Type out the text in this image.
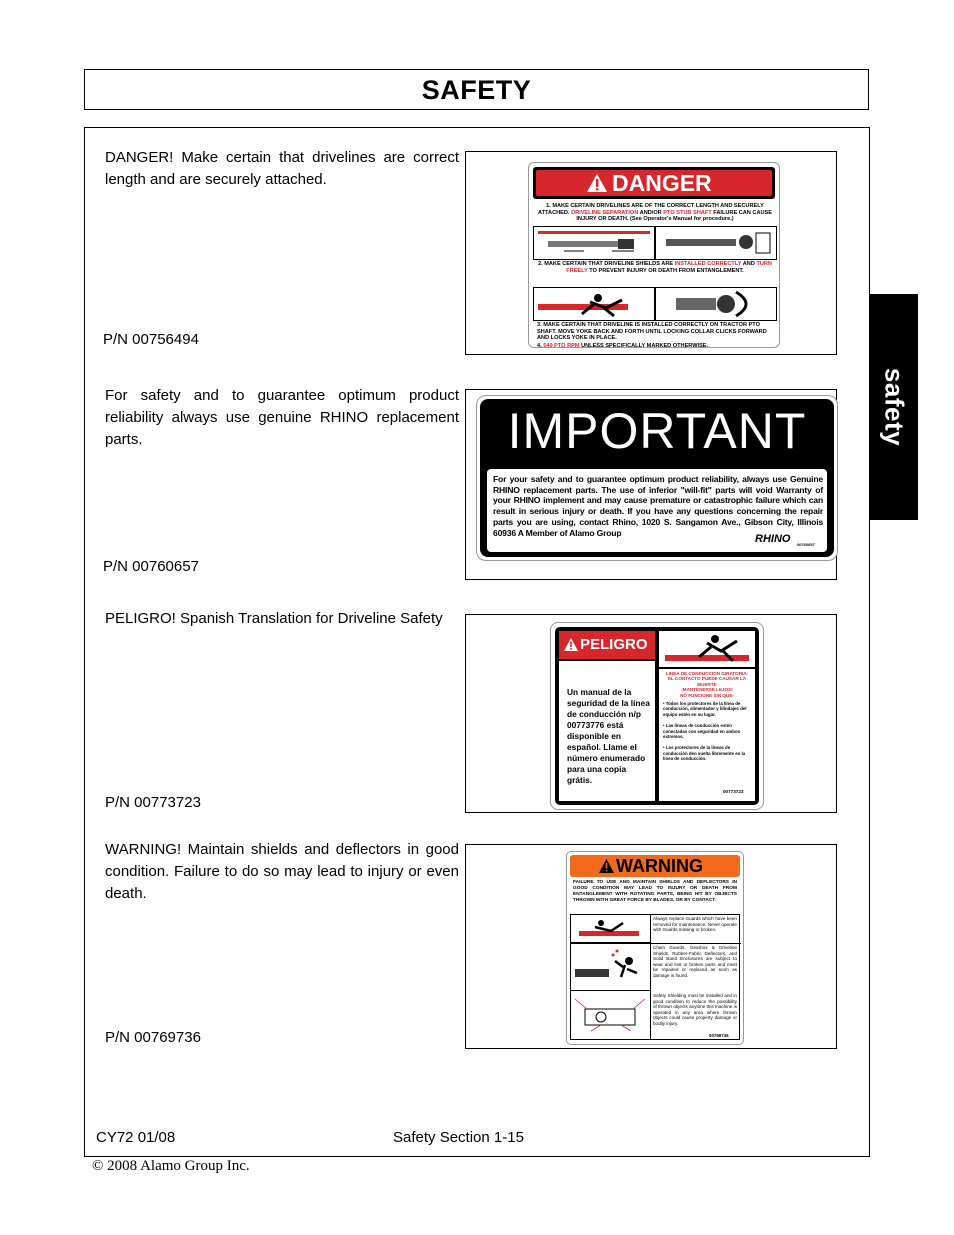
SAFETY
safety
DANGER! Make certain that drivelines are correct length and are securely attached.
P/N 00756494
DANGER
1. MAKE CERTAIN DRIVELINES ARE OF THE CORRECT LENGTH AND SECURELY ATTACHED. DRIVELINE SEPARATION AND/OR PTO STUB SHAFT FAILURE CAN CAUSE INJURY OR DEATH. (See Operator's Manual for procedure.)
2. MAKE CERTAIN THAT DRIVELINE SHIELDS ARE INSTALLED CORRECTLY AND TURN FREELY TO PREVENT INJURY OR DEATH FROM ENTANGLEMENT.
3. MAKE CERTAIN THAT DRIVELINE IS INSTALLED CORRECTLY ON TRACTOR PTO SHAFT. MOVE YOKE BACK AND FORTH UNTIL LOCKING COLLAR CLICKS FORWARD AND LOCKS YOKE IN PLACE.
4. 540 PTO RPM UNLESS SPECIFICALLY MARKED OTHERWISE.
For safety and to guarantee optimum product reliability always use genuine RHINO replacement parts.
P/N 00760657
IMPORTANT
For your safety and to guarantee optimum product reliability, always use Genuine RHINO replacement parts. The use of inferior "will-fit" parts will void Warranty of your RHINO implement and may cause premature or catastrophic failure which can result in serious injury or death. If you have any questions concerning the repair parts you are using, contact Rhino, 1020 S. Sangamon Ave., Gibson City, Illinois 60936 A Member of Alamo Group
RHINO 00760657
PELIGRO! Spanish Translation for Driveline Safety
P/N 00773723
PELIGRO
Un manual de la seguridad de la línea de conducción n/p 00773776 está disponible en español. Llame el número enumerado para una copia grátis.
LINEA DE CONDUCCION GIRATORIA-
EL CONTACTO PUEDE CAUSAR LA MUERTE
¡MANTENERSE LEJOS!
NO FUNCIONE SIN QUE-
• Todos los protectores de la línea de conducción, alimentador y blindajes del equipo estén en su lugar.
• Las líneas de conducción estén conectadas con seguridad en ambos extremos.
• Los protectores de la líneas de conducción den vuelta libremente en la línea de conducción.
00773723
WARNING! Maintain shields and deflectors in good condition. Failure to do so may lead to injury or even death.
P/N 00769736
WARNING
FAILURE TO USE AND MAINTAIN SHIELDS AND DEFLECTORS IN GOOD CONDITION MAY LEAD TO INJURY OR DEATH FROM ENTANGLEMENT WITH ROTATING PARTS, BEING HIT BY OBJECTS THROWN WITH GREAT FORCE BY BLADES, OR BY CONTACT.
Always replace Guards which have been removed for maintenance. Never operate with Guards missing or broken.
Chain Guards, Gearbox & Driveline Shields, Rubber-Fabric Deflectors, and Solid Band Enclosures are subject to wear and lost or broken parts and must be repaired or replaced as soon as damage is found.
Safety Shielding must be installed and in good condition to reduce the possibility of thrown objects anytime this machine is operated in any area where thrown objects could cause property damage or bodily injury.
00769736
CY72 01/08	Safety Section 1-15
© 2008 Alamo Group Inc.
